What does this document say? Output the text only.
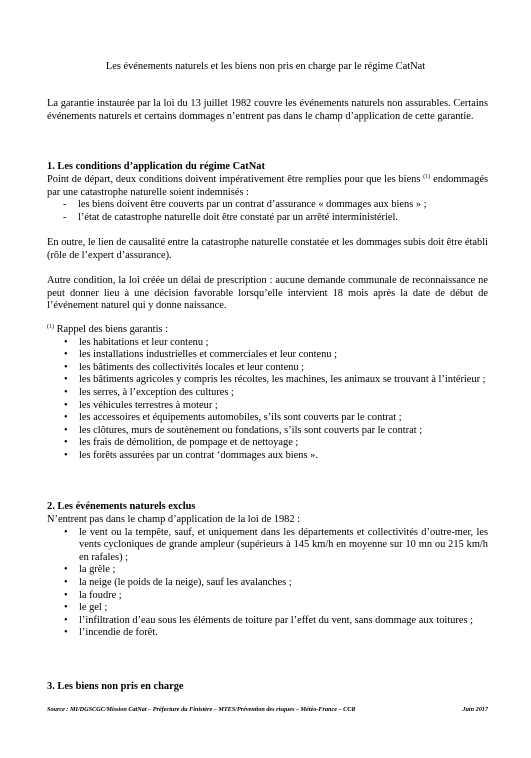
Les événements naturels et les biens non pris en charge par le régime CatNat
La garantie instaurée par la loi du 13 juillet 1982 couvre les événements naturels non assurables. Certains événements naturels et certains dommages n’entrent pas dans le champ d’application de cette garantie.
1. Les conditions d’application du régime CatNat
Point de départ, deux conditions doivent impérativement être remplies pour que les biens $^{(1)}$ endommagés par une catastrophe naturelle soient indemnisés :
- les biens doivent être couverts par un contrat d’assurance « dommages aux biens » ;
- l’état de catastrophe naturelle doit être constaté par un arrêté interministériel.
En outre, le lien de causalité entre la catastrophe naturelle constatée et les dommages subis doit être établi (rôle de l’expert d’assurance).
Autre condition, la loi créée un délai de prescription : aucune demande communale de reconnaissance ne peut donner lieu à une décision favorable lorsqu’elle intervient 18 mois après la date de début de l’événement naturel qui y donne naissance.
$^{(1)}$ Rappel des biens garantis :
• les habitations et leur contenu ;
• les installations industrielles et commerciales et leur contenu ;
• les bâtiments des collectivités locales et leur contenu ;
• les bâtiments agricoles y compris les récoltes, les machines, les animaux se trouvant à l’intérieur ;
• les serres, à l’exception des cultures ;
• les véhicules terrestres à moteur ;
• les accessoires et équipements automobiles, s’ils sont couverts par le contrat ;
• les clôtures, murs de soutènement ou fondations, s’ils sont couverts par le contrat ;
• les frais de démolition, de pompage et de nettoyage ;
• les forêts assurées par un contrat ‘dommages aux biens ».
2. Les événements naturels exclus
N’entrent pas dans le champ d’application de la loi de 1982 :
• le vent ou la tempête, sauf, et uniquement dans les départements et collectivités d’outre-mer, les vents cycloniques de grande ampleur (supérieurs à 145 km/h en moyenne sur 10 mn ou 215 km/h en rafales) ;
• la grêle ;
• la neige (le poids de la neige), sauf les avalanches ;
• la foudre ;
• le gel ;
• l’infiltration d’eau sous les éléments de toiture par l’effet du vent, sans dommage aux toitures ;
• l’incendie de forêt.
3. Les biens non pris en charge
Source : MI/DGSCGC/Mission CatNat – Préfecture du Finistère – MTES/Prévention des risques – Météo-France – CCR	Juin 2017
